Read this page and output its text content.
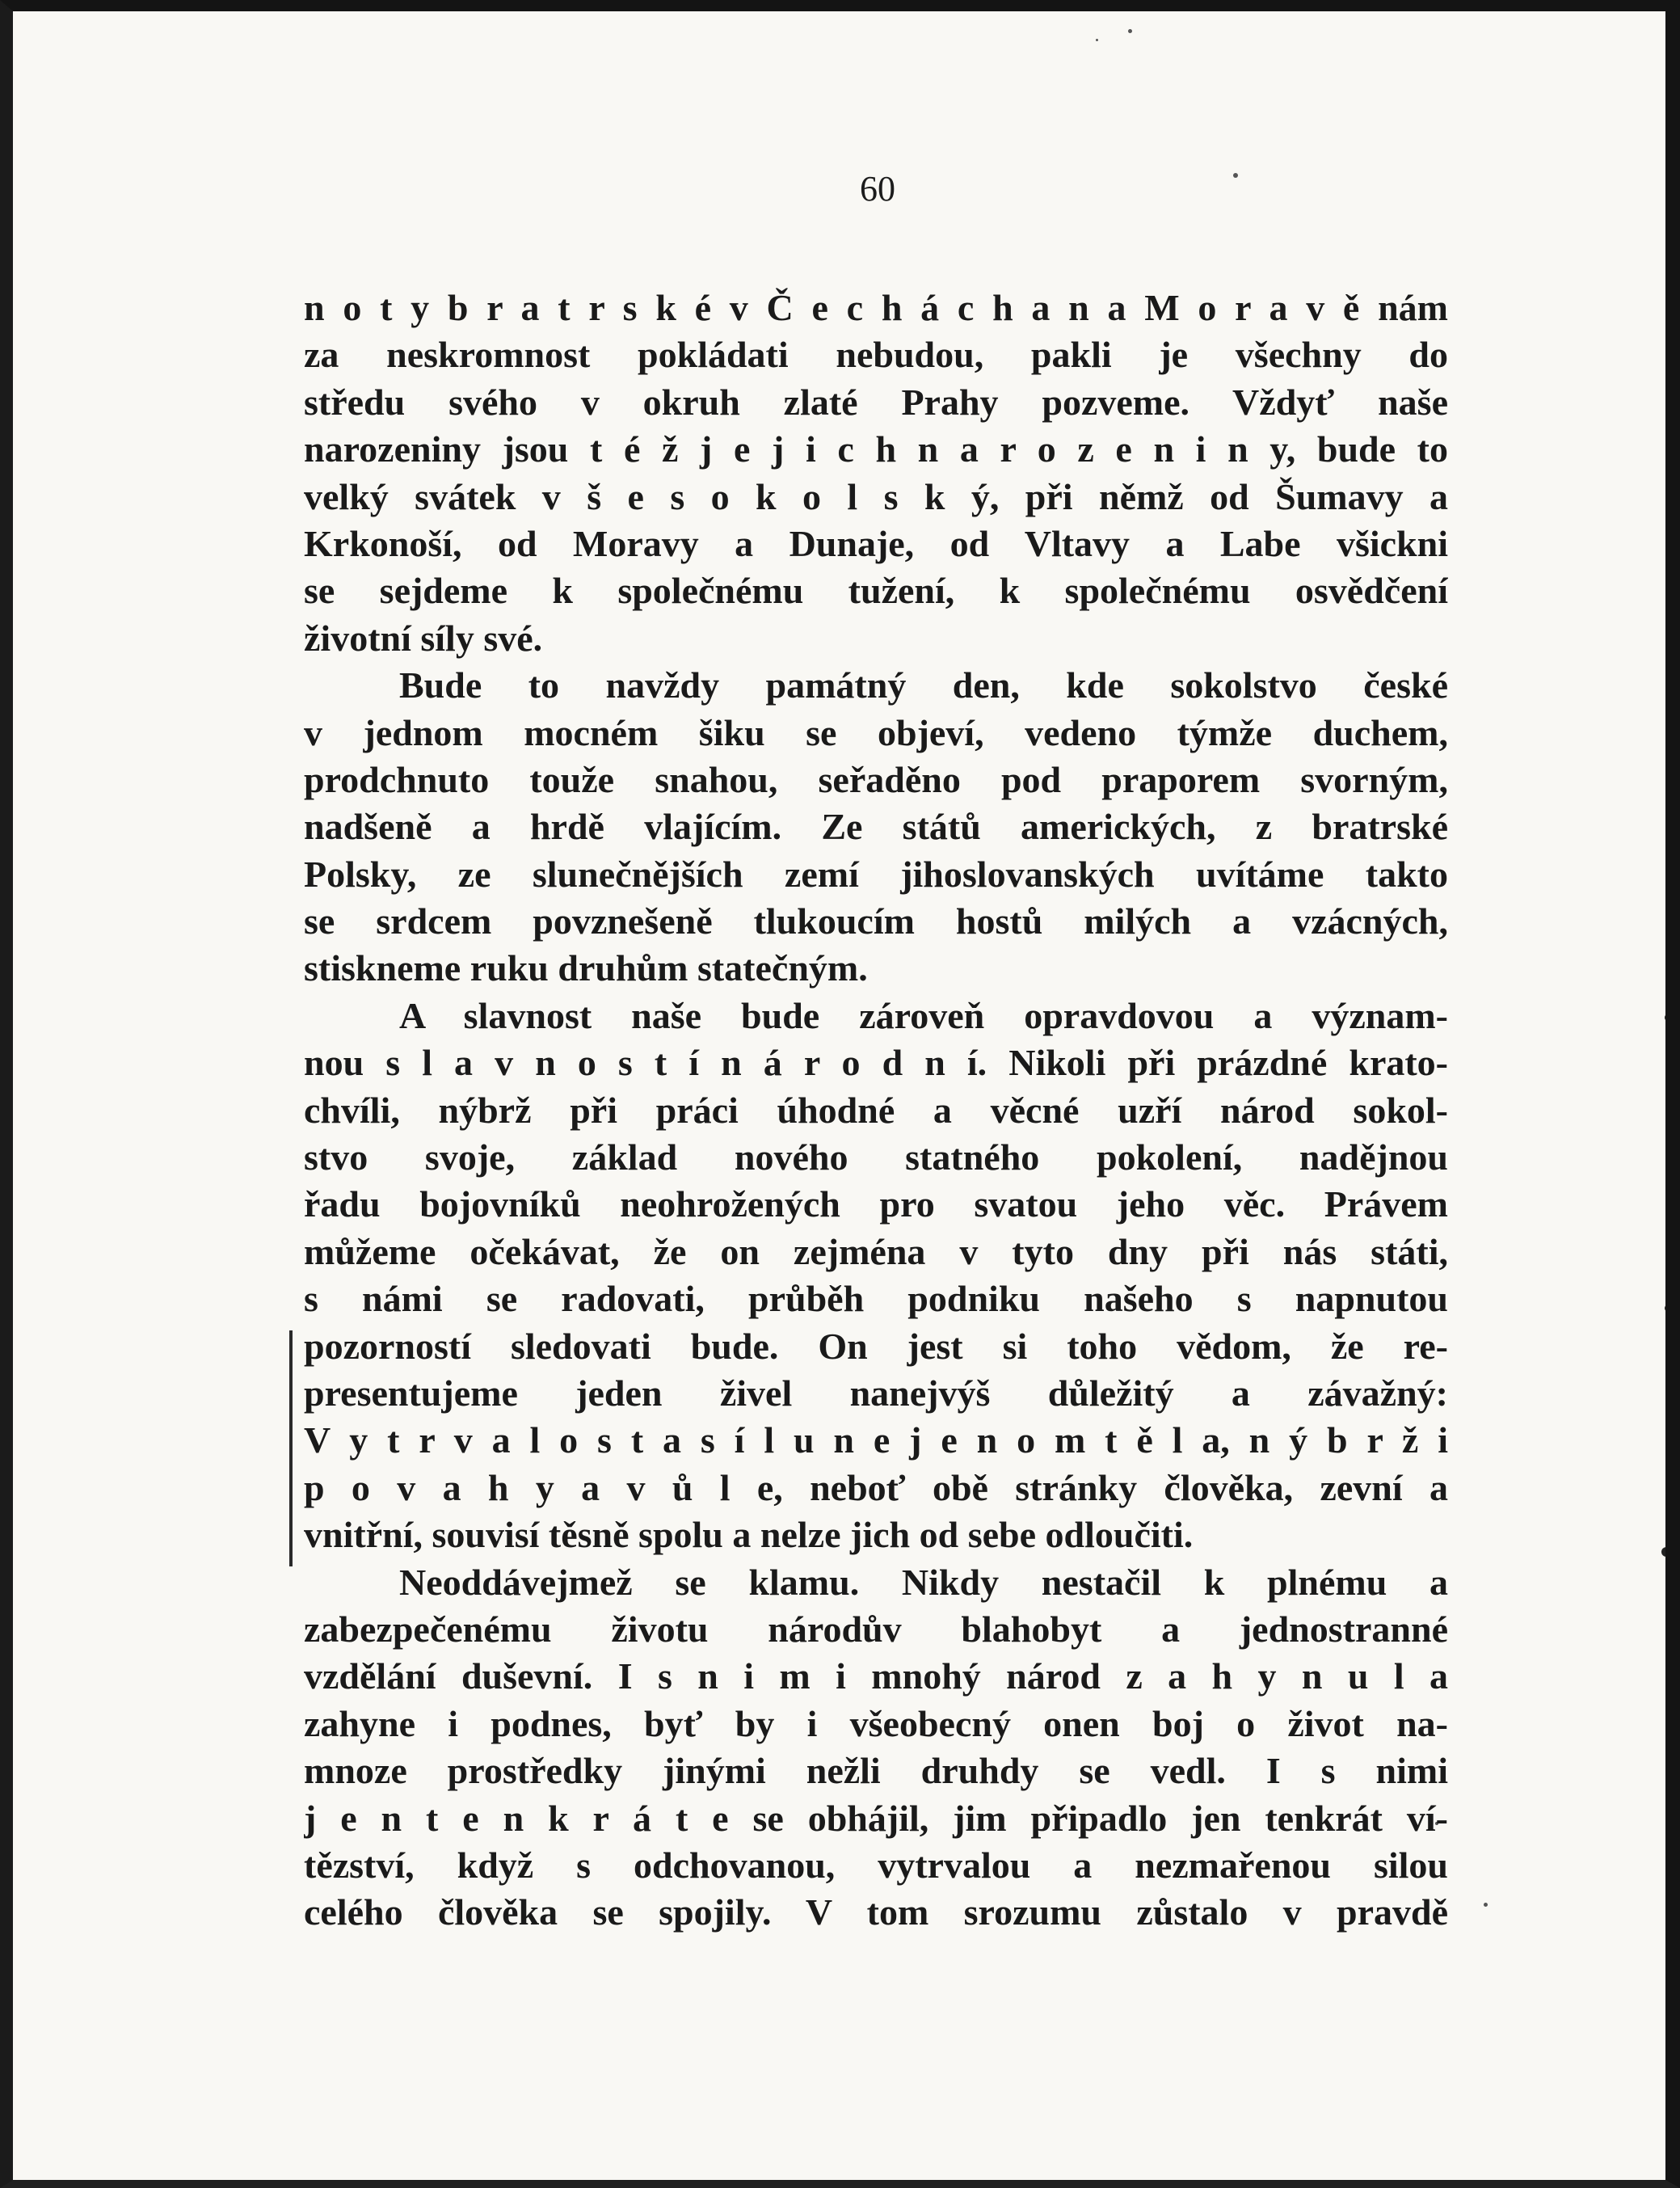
60
n o t y b r a t r s k é v Č e c h á c h a n a M o r a v ě nám
za neskromnost pokládati nebudou, pakli je všechny do
středu svého v okruh zlaté Prahy pozveme. Vždyť naše
narozeniny jsou t é ž j e j i c h n a r o z e n i n y, bude to
velký svátek v š e s o k o l s k ý, při němž od Šumavy a
Krkonoší, od Moravy a Dunaje, od Vltavy a Labe všickni
se sejdeme k společnému tužení, k společnému osvědčení
životní síly své.
Bude to navždy památný den, kde sokolstvo české
v jednom mocném šiku se objeví, vedeno týmže duchem,
prodchnuto touže snahou, seřaděno pod praporem svorným,
nadšeně a hrdě vlajícím. Ze států amerických, z bratrské
Polsky, ze slunečnějších zemí jihoslovanských uvítáme takto
se srdcem povznešeně tlukoucím hostů milých a vzácných,
stiskneme ruku druhům statečným.
A slavnost naše bude zároveň opravdovou a význam-
nou s l a v n o s t í n á r o d n í. Nikoli při prázdné krato-
chvíli, nýbrž při práci úhodné a věcné uzří národ sokol-
stvo svoje, základ nového statného pokolení, nadějnou
řadu bojovníků neohrožených pro svatou jeho věc. Právem
můžeme očekávat, že on zejména v tyto dny při nás státi,
s námi se radovati, průběh podniku našeho s napnutou
pozorností sledovati bude. On jest si toho vědom, že re-
presentujeme jeden živel nanejvýš důležitý a závažný:
V y t r v a l o s t a s í l u n e j e n o m t ě l a, n ý b r ž i
p o v a h y a v ů l e, neboť obě stránky člověka, zevní a
vnitřní, souvisí těsně spolu a nelze jich od sebe odloučiti.
Neoddávejmež se klamu. Nikdy nestačil k plnému a
zabezpečenému životu národův blahobyt a jednostranné
vzdělání duševní. I s n i m i mnohý národ z a h y n u l a
zahyne i podnes, byť by i všeobecný onen boj o život na-
mnoze prostředky jinými nežli druhdy se vedl. I s nimi
j e n t e n k r á t e se obhájil, jim připadlo jen tenkrát ví-
tězství, když s odchovanou, vytrvalou a nezmařenou silou
celého člověka se spojily. V tom srozumu zůstalo v pravdě
